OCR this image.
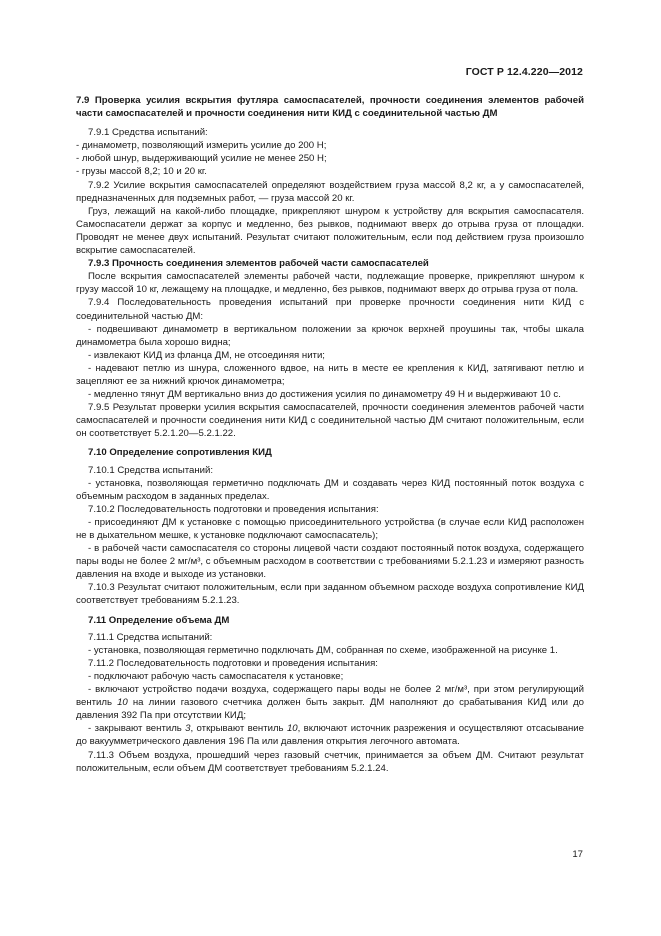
ГОСТ Р 12.4.220—2012

7.9 Проверка усилия вскрытия футляра самоспасателей, прочности соединения элементов рабочей части самоспасателей и прочности соединения нити КИД с соединительной частью ДМ

7.9.1 Средства испытаний:

- динамометр, позволяющий измерить усилие до 200 Н;

- любой шнур, выдерживающий усилие не менее 250 Н;

- грузы массой 8,2; 10 и 20 кг.

7.9.2 Усилие вскрытия самоспасателей определяют воздействием груза массой 8,2 кг, а у самоспасателей, предназначенных для подземных работ, — груза массой 20 кг.

Груз, лежащий на какой-либо площадке, прикрепляют шнуром к устройству для вскрытия самоспасателя. Самоспасатели держат за корпус и медленно, без рывков, поднимают вверх до отрыва груза от площадки. Проводят не менее двух испытаний. Результат считают положительным, если под действием груза произошло вскрытие самоспасателей.

7.9.3 Прочность соединения элементов рабочей части самоспасателей

После вскрытия самоспасателей элементы рабочей части, подлежащие проверке, прикрепляют шнуром к грузу массой 10 кг, лежащему на площадке, и медленно, без рывков, поднимают вверх до отрыва груза от пола.

7.9.4 Последовательность проведения испытаний при проверке прочности соединения нити КИД с соединительной частью ДМ:

- подвешивают динамометр в вертикальном положении за крючок верхней проушины так, чтобы шкала динамометра была хорошо видна;

- извлекают КИД из фланца ДМ, не отсоединяя нити;

- надевают петлю из шнура, сложенного вдвое, на нить в месте ее крепления к КИД, затягивают петлю и зацепляют ее за нижний крючок динамометра;

- медленно тянут ДМ вертикально вниз до достижения усилия по динамометру 49 Н и выдерживают 10 с.

7.9.5 Результат проверки усилия вскрытия самоспасателей, прочности соединения элементов рабочей части самоспасателей и прочности соединения нити КИД с соединительной частью ДМ считают положительным, если он соответствует 5.2.1.20—5.2.1.22.

7.10 Определение сопротивления КИД

7.10.1 Средства испытаний:

- установка, позволяющая герметично подключать ДМ и создавать через КИД постоянный поток воздуха с объемным расходом в заданных пределах.

7.10.2 Последовательность подготовки и проведения испытания:

- присоединяют ДМ к установке с помощью присоединительного устройства (в случае если КИД расположен не в дыхательном мешке, к установке подключают самоспасатель);

- в рабочей части самоспасателя со стороны лицевой части создают постоянный поток воздуха, содержащего пары воды не более 2 мг/м³, с объемным расходом в соответствии с требованиями 5.2.1.23 и измеряют разность давления на входе и выходе из установки.

7.10.3 Результат считают положительным, если при заданном объемном расходе воздуха сопротивление КИД соответствует требованиям 5.2.1.23.

7.11 Определение объема ДМ

7.11.1 Средства испытаний:

- установка, позволяющая герметично подключать ДМ, собранная по схеме, изображенной на рисунке 1.

7.11.2 Последовательность подготовки и проведения испытания:

- подключают рабочую часть самоспасателя к установке;

- включают устройство подачи воздуха, содержащего пары воды не более 2 мг/м³, при этом регулирующий вентиль 10 на линии газового счетчика должен быть закрыт. ДМ наполняют до срабатывания КИД или до давления 392 Па при отсутствии КИД;

- закрывают вентиль 3, открывают вентиль 10, включают источник разрежения и осуществляют отсасывание до вакуумметрического давления 196 Па или давления открытия легочного автомата.

7.11.3 Объем воздуха, прошедший через газовый счетчик, принимается за объем ДМ. Считают результат положительным, если объем ДМ соответствует требованиям 5.2.1.24.

17
